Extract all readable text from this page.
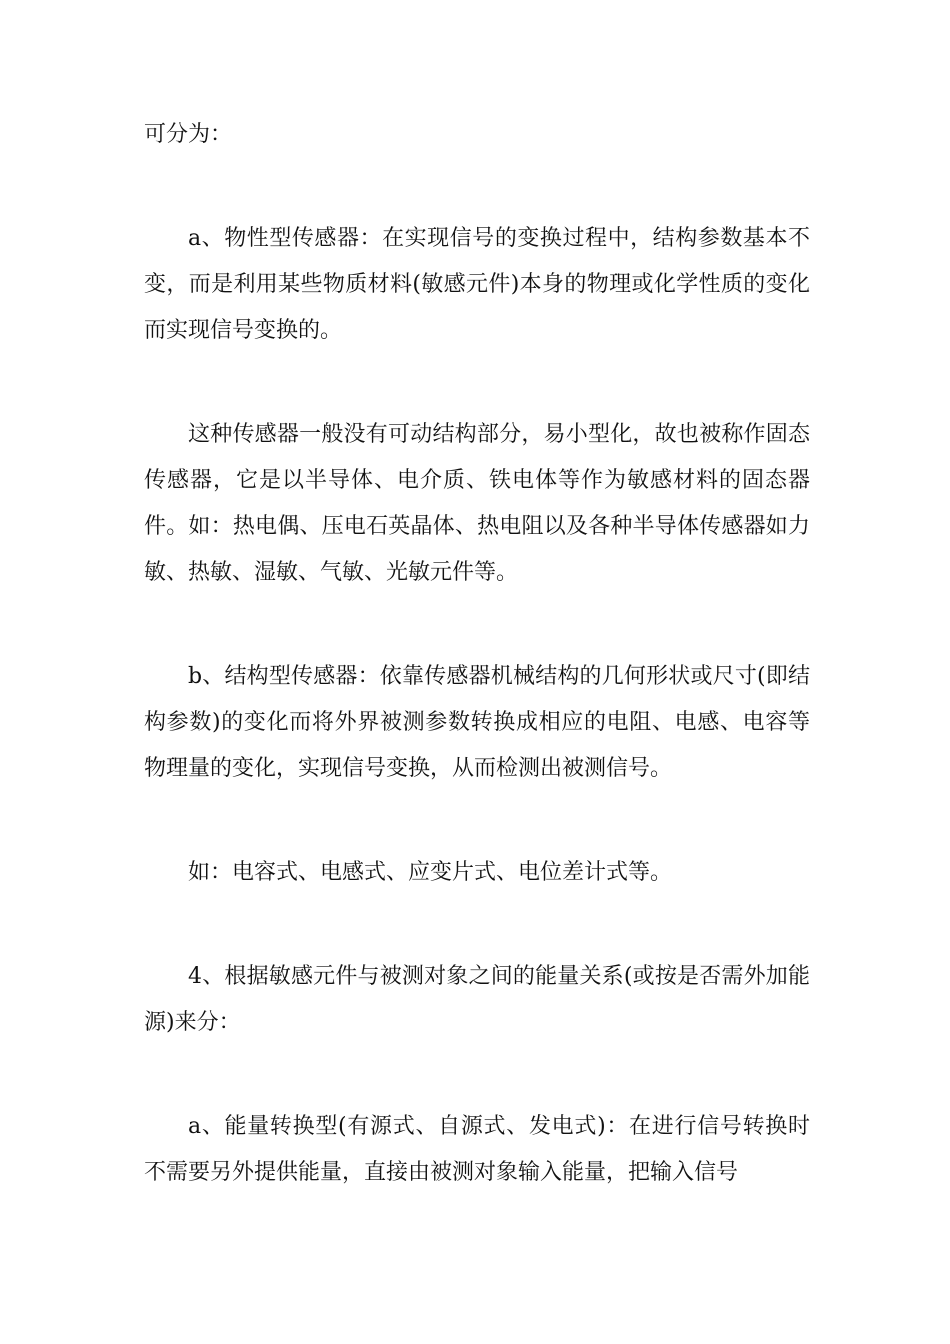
可分为：

a、物性型传感器：在实现信号的变换过程中，结构参数基本不变，而是利用某些物质材料(敏感元件)本身的物理或化学性质的变化而实现信号变换的。

这种传感器一般没有可动结构部分，易小型化，故也被称作固态传感器，它是以半导体、电介质、铁电体等作为敏感材料的固态器件。如：热电偶、压电石英晶体、热电阻以及各种半导体传感器如力敏、热敏、湿敏、气敏、光敏元件等。

b、结构型传感器：依靠传感器机械结构的几何形状或尺寸(即结构参数)的变化而将外界被测参数转换成相应的电阻、电感、电容等物理量的变化，实现信号变换，从而检测出被测信号。

如：电容式、电感式、应变片式、电位差计式等。

4、根据敏感元件与被测对象之间的能量关系(或按是否需外加能源)来分：

a、能量转换型(有源式、自源式、发电式)：在进行信号转换时不需要另外提供能量，直接由被测对象输入能量，把输入信号
